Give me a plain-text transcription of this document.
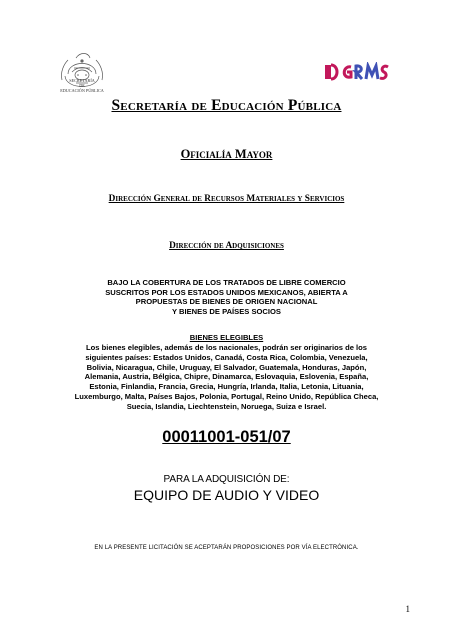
SECRETARÍA
DE
EDUCACIÓN PÚBLICA
Secretaría de Educación Pública
Oficialía Mayor
Dirección General de Recursos Materiales y Servicios
Dirección de Adquisiciones
BAJO LA COBERTURA DE LOS TRATADOS DE LIBRE COMERCIO
SUSCRITOS POR LOS ESTADOS UNIDOS MEXICANOS, ABIERTA A
PROPUESTAS DE BIENES DE ORIGEN NACIONAL
Y BIENES DE PAÍSES SOCIOS
BIENES ELEGIBLES
Los bienes elegibles, además de los nacionales, podrán ser originarios de los
siguientes países: Estados Unidos, Canadá, Costa Rica, Colombia, Venezuela,
Bolivia, Nicaragua, Chile, Uruguay, El Salvador, Guatemala, Honduras, Japón,
Alemania, Austria, Bélgica, Chipre, Dinamarca, Eslovaquia, Eslovenia, España,
Estonia, Finlandia, Francia, Grecia, Hungría, Irlanda, Italia, Letonia, Lituania,
Luxemburgo, Malta, Países Bajos, Polonia, Portugal, Reino Unido, República Checa,
Suecia, Islandia, Liechtenstein, Noruega, Suiza e Israel.
00011001-051/07
PARA LA ADQUISICIÓN DE:
EQUIPO DE AUDIO Y VIDEO
EN LA PRESENTE LICITACIÓN SE ACEPTARÁN PROPOSICIONES POR VÍA ELECTRÓNICA.
1
